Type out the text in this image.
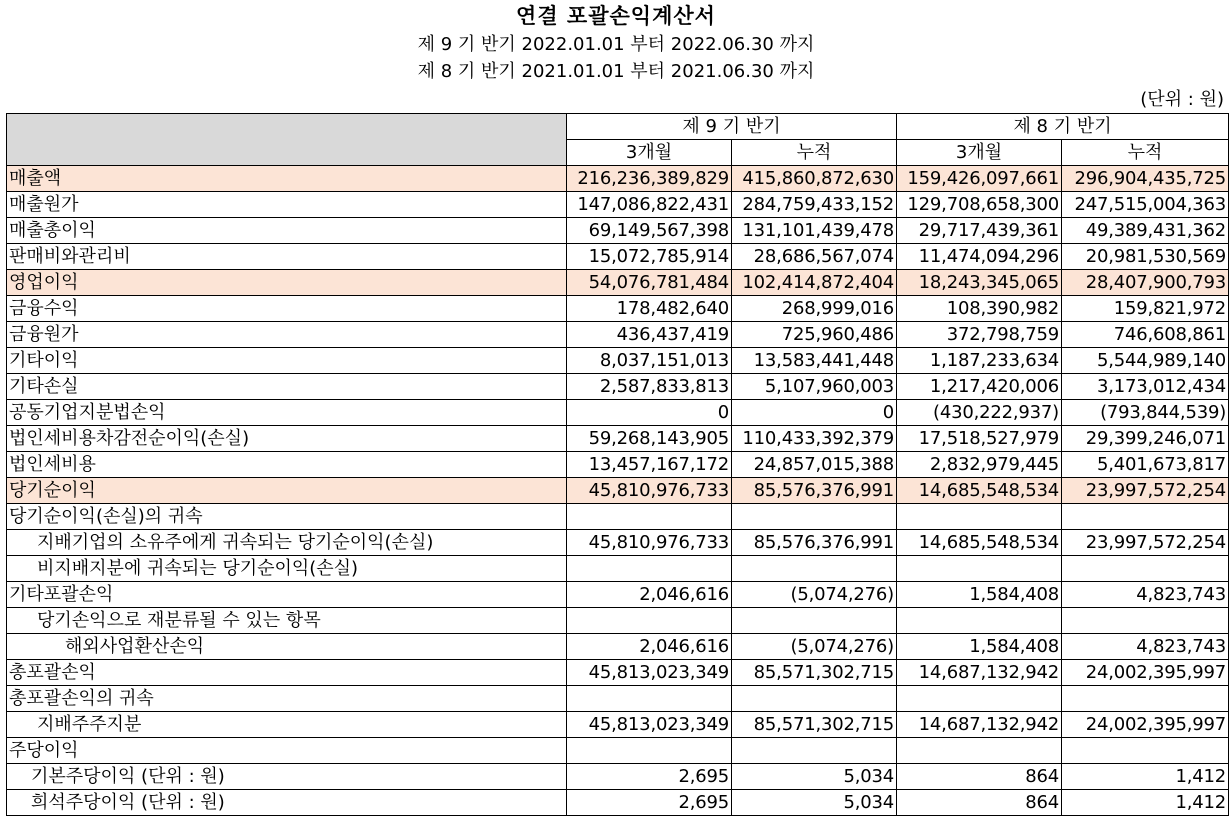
연결 포괄손익계산서
제 9 기 반기 2022.01.01 부터 2022.06.30 까지
제 8 기 반기 2021.01.01 부터 2021.06.30 까지
(단위 : 원)
	제 9 기 반기		제 8 기 반기	
	3개월	누적	3개월	누적
매출액	216,236,389,829	415,860,872,630	159,426,097,661	296,904,435,725
매출원가	147,086,822,431	284,759,433,152	129,708,658,300	247,515,004,363
매출총이익	69,149,567,398	131,101,439,478	29,717,439,361	49,389,431,362
판매비와관리비	15,072,785,914	28,686,567,074	11,474,094,296	20,981,530,569
영업이익	54,076,781,484	102,414,872,404	18,243,345,065	28,407,900,793
금융수익	178,482,640	268,999,016	108,390,982	159,821,972
금융원가	436,437,419	725,960,486	372,798,759	746,608,861
기타이익	8,037,151,013	13,583,441,448	1,187,233,634	5,544,989,140
기타손실	2,587,833,813	5,107,960,003	1,217,420,006	3,173,012,434
공동기업지분법손익	0	0	(430,222,937)	(793,844,539)
법인세비용차감전순이익(손실)	59,268,143,905	110,433,392,379	17,518,527,979	29,399,246,071
법인세비용	13,457,167,172	24,857,015,388	2,832,979,445	5,401,673,817
당기순이익	45,810,976,733	85,576,376,991	14,685,548,534	23,997,572,254
당기순이익(손실)의 귀속				
지배기업의 소유주에게 귀속되는 당기순이익(손실)	45,810,976,733	85,576,376,991	14,685,548,534	23,997,572,254
비지배지분에 귀속되는 당기순이익(손실)				
기타포괄손익	2,046,616	(5,074,276)	1,584,408	4,823,743
당기손익으로 재분류될 수 있는 항목				
해외사업환산손익	2,046,616	(5,074,276)	1,584,408	4,823,743
총포괄손익	45,813,023,349	85,571,302,715	14,687,132,942	24,002,395,997
총포괄손익의 귀속				
지배주주지분	45,813,023,349	85,571,302,715	14,687,132,942	24,002,395,997
주당이익				
기본주당이익 (단위 : 원)	2,695	5,034	864	1,412
희석주당이익 (단위 : 원)	2,695	5,034	864	1,412
